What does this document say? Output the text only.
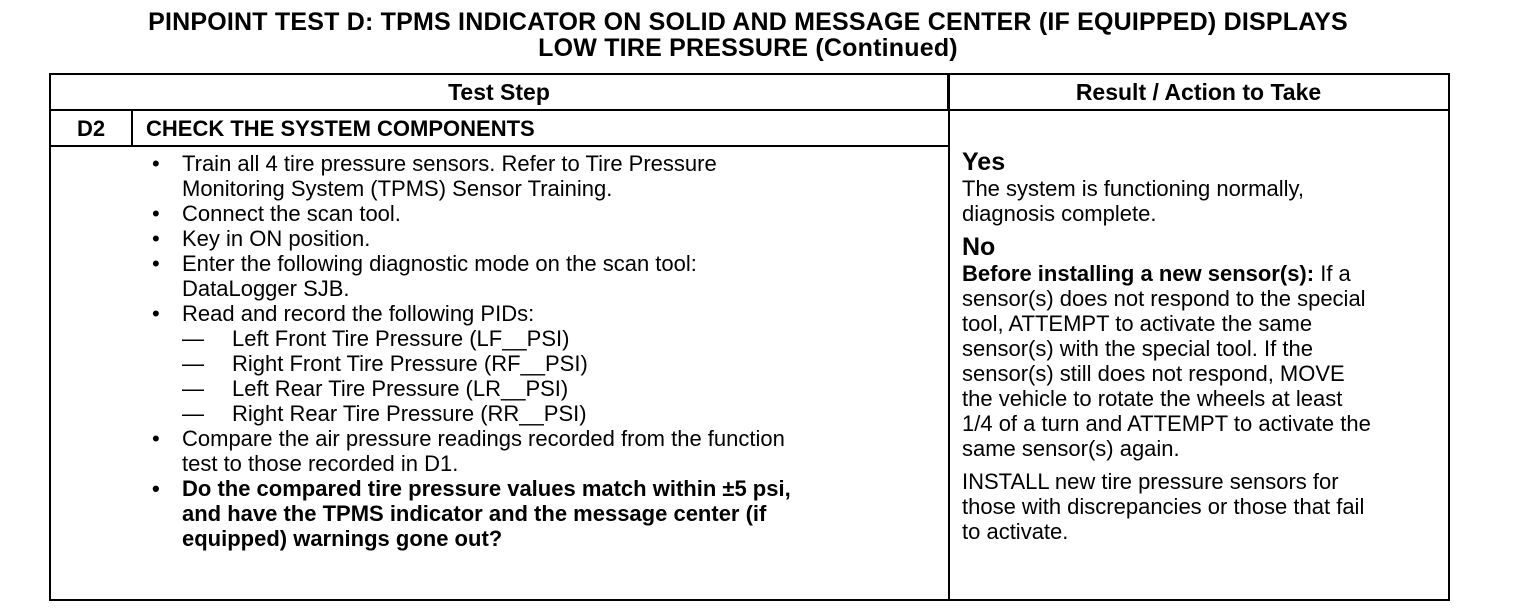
PINPOINT TEST D: TPMS INDICATOR ON SOLID AND MESSAGE CENTER (IF EQUIPPED) DISPLAYS
LOW TIRE PRESSURE (Continued)
Test Step	Result / Action to Take
D2	CHECK THE SYSTEM COMPONENTS
• Train all 4 tire pressure sensors. Refer to Tire Pressure
Monitoring System (TPMS) Sensor Training.
• Connect the scan tool.
• Key in ON position.
• Enter the following diagnostic mode on the scan tool:
DataLogger SJB.
• Read and record the following PIDs:
— Left Front Tire Pressure (LF__PSI)
— Right Front Tire Pressure (RF__PSI)
— Left Rear Tire Pressure (LR__PSI)
— Right Rear Tire Pressure (RR__PSI)
• Compare the air pressure readings recorded from the function
test to those recorded in D1.
• Do the compared tire pressure values match within ±5 psi,
and have the TPMS indicator and the message center (if
equipped) warnings gone out?
Yes
The system is functioning normally,
diagnosis complete.
No
Before installing a new sensor(s): If a
sensor(s) does not respond to the special
tool, ATTEMPT to activate the same
sensor(s) with the special tool. If the
sensor(s) still does not respond, MOVE
the vehicle to rotate the wheels at least
1/4 of a turn and ATTEMPT to activate the
same sensor(s) again.
INSTALL new tire pressure sensors for
those with discrepancies or those that fail
to activate.
